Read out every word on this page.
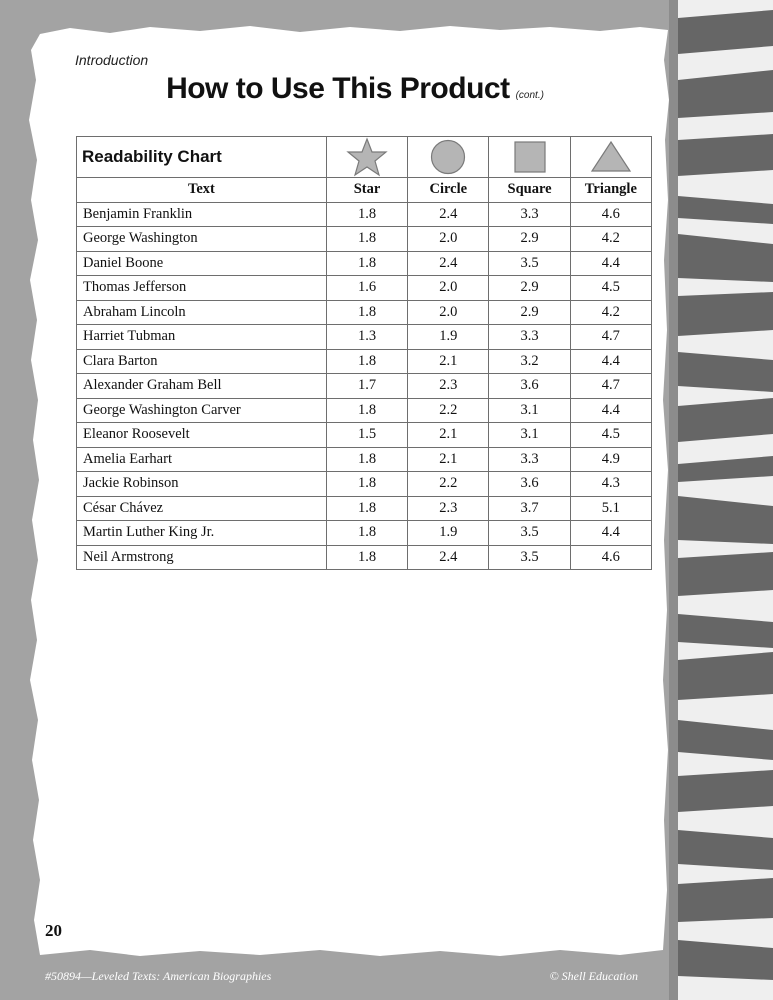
Introduction
How to Use This Product (cont.)
Readability Chart	

Text	Star	Circle	Square	Triangle
Benjamin Franklin	1.8	2.4	3.3	4.6
George Washington	1.8	2.0	2.9	4.2
Daniel Boone	1.8	2.4	3.5	4.4
Thomas Jefferson	1.6	2.0	2.9	4.5
Abraham Lincoln	1.8	2.0	2.9	4.2
Harriet Tubman	1.3	1.9	3.3	4.7
Clara Barton	1.8	2.1	3.2	4.4
Alexander Graham Bell	1.7	2.3	3.6	4.7
George Washington Carver	1.8	2.2	3.1	4.4
Eleanor Roosevelt	1.5	2.1	3.1	4.5
Amelia Earhart	1.8	2.1	3.3	4.9
Jackie Robinson	1.8	2.2	3.6	4.3
César Chávez	1.8	2.3	3.7	5.1
Martin Luther King Jr.	1.8	1.9	3.5	4.4
Neil Armstrong	1.8	2.4	3.5	4.6
20
#50894—Leveled Texts: American Biographies	© Shell Education
